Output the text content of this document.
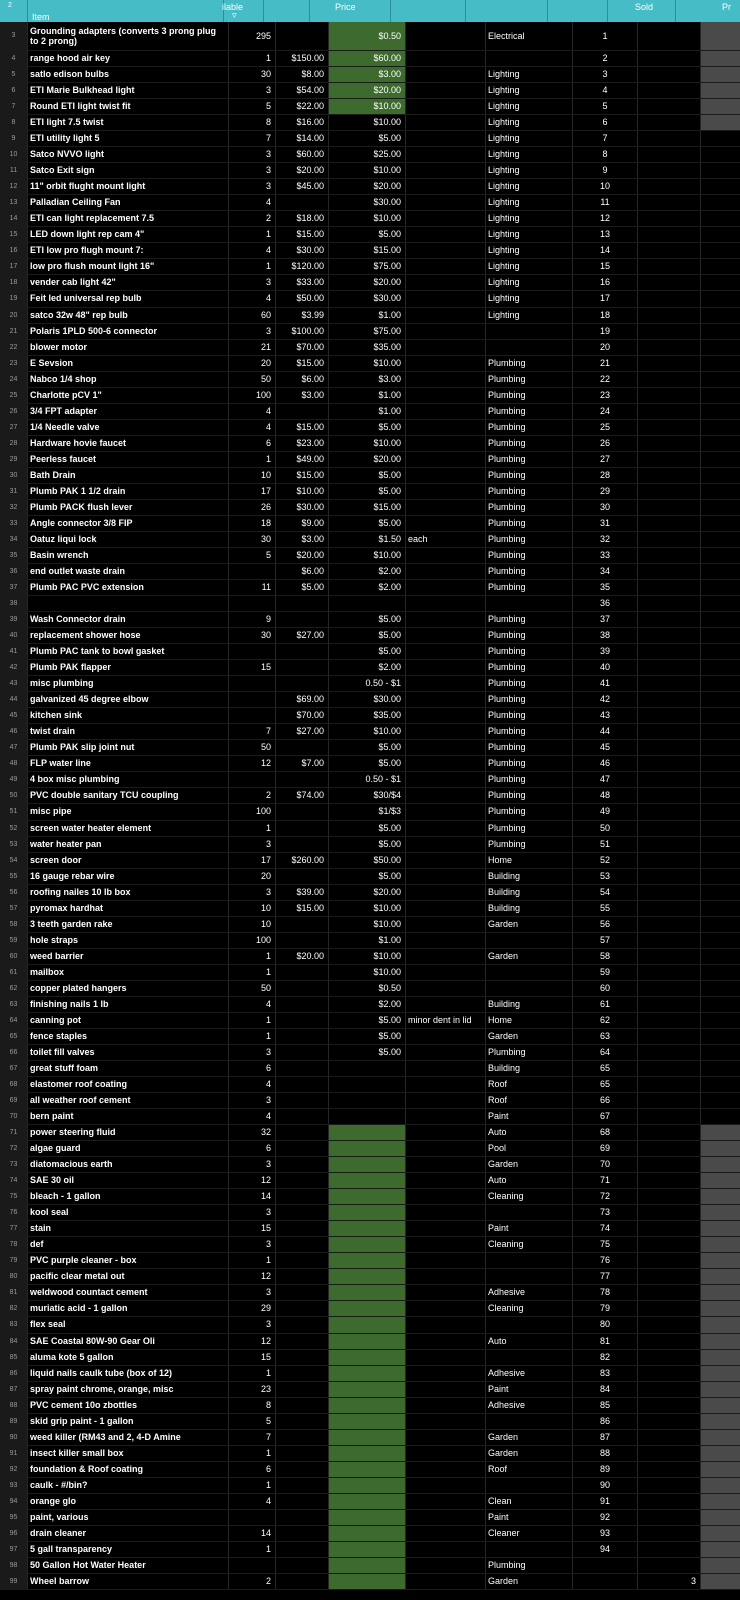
2	ilable	Price	Sold	Pr
Item	▿
3	Grounding adapters (converts 3 prong plug to 2 prong)	295		$0.50		Electrical	1		
4	range hood air key	1	$150.00	$60.00			2		
5	satlo edison bulbs	30	$8.00	$3.00		Lighting	3		
6	ETI Marie Bulkhead light	3	$54.00	$20.00		Lighting	4		
7	Round ETI light twist fit	5	$22.00	$10.00		Lighting	5		
8	ETI light 7.5 twist	8	$16.00	$10.00		Lighting	6		
9	ETI utility light 5	7	$14.00	$5.00		Lighting	7		
10	Satco NVVO light	3	$60.00	$25.00		Lighting	8		
11	Satco Exit sign	3	$20.00	$10.00		Lighting	9		
12	11" orbit flught mount light	3	$45.00	$20.00		Lighting	10		
13	Palladian Ceiling Fan	4		$30.00		Lighting	11		
14	ETI can light replacement 7.5	2	$18.00	$10.00		Lighting	12		
15	LED down light rep cam 4"	1	$15.00	$5.00		Lighting	13		
16	ETI low pro flugh mount 7:	4	$30.00	$15.00		Lighting	14		
17	low pro flush mount light 16"	1	$120.00	$75.00		Lighting	15		
18	vender cab light 42"	3	$33.00	$20.00		Lighting	16		
19	Feit led universal rep bulb	4	$50.00	$30.00		Lighting	17		
20	satco 32w 48" rep bulb	60	$3.99	$1.00		Lighting	18		
21	Polaris 1PLD 500-6 connector	3	$100.00	$75.00			19		
22	blower motor	21	$70.00	$35.00			20		
23	E Sevsion	20	$15.00	$10.00		Plumbing	21		
24	Nabco 1/4 shop	50	$6.00	$3.00		Plumbing	22		
25	Charlotte pCV 1"	100	$3.00	$1.00		Plumbing	23		
26	3/4 FPT adapter	4		$1.00		Plumbing	24		
27	1/4 Needle valve	4	$15.00	$5.00		Plumbing	25		
28	Hardware hovie faucet	6	$23.00	$10.00		Plumbing	26		
29	Peerless faucet	1	$49.00	$20.00		Plumbing	27		
30	Bath Drain	10	$15.00	$5.00		Plumbing	28		
31	Plumb PAK 1 1/2 drain	17	$10.00	$5.00		Plumbing	29		
32	Plumb PACK flush lever	26	$30.00	$15.00		Plumbing	30		
33	Angle connector 3/8 FIP	18	$9.00	$5.00		Plumbing	31		
34	Oatuz liqui lock	30	$3.00	$1.50	each	Plumbing	32		
35	Basin wrench	5	$20.00	$10.00		Plumbing	33		
36	end outlet waste drain		$6.00	$2.00		Plumbing	34		
37	Plumb PAC PVC extension	11	$5.00	$2.00		Plumbing	35		
38							36		
39	Wash Connector drain	9		$5.00		Plumbing	37		
40	replacement shower hose	30	$27.00	$5.00		Plumbing	38		
41	Plumb PAC tank to bowl gasket			$5.00		Plumbing	39		
42	Plumb PAK flapper	15		$2.00		Plumbing	40		
43	misc plumbing			0.50 - $1		Plumbing	41		
44	galvanized 45 degree elbow		$69.00	$30.00		Plumbing	42		
45	kitchen sink		$70.00	$35.00		Plumbing	43		
46	twist drain	7	$27.00	$10.00		Plumbing	44		
47	Plumb PAK slip joint nut	50		$5.00		Plumbing	45		
48	FLP water line	12	$7.00	$5.00		Plumbing	46		
49	4 box misc plumbing			0.50 - $1		Plumbing	47		
50	PVC double sanitary TCU coupling	2	$74.00	$30/$4		Plumbing	48		
51	misc pipe	100		$1/$3		Plumbing	49		
52	screen water heater element	1		$5.00		Plumbing	50		
53	water heater pan	3		$5.00		Plumbing	51		
54	screen door	17	$260.00	$50.00		Home	52		
55	16 gauge rebar wire	20		$5.00		Building	53		
56	roofing nailes 10 lb box	3	$39.00	$20.00		Building	54		
57	pyromax hardhat	10	$15.00	$10.00		Building	55		
58	3 teeth garden rake	10		$10.00		Garden	56		
59	hole straps	100		$1.00			57		
60	weed barrier	1	$20.00	$10.00		Garden	58		
61	mailbox	1		$10.00			59		
62	copper plated hangers	50		$0.50			60		
63	finishing nails 1 lb	4		$2.00		Building	61		
64	canning pot	1		$5.00	minor dent in lid	Home	62		
65	fence staples	1		$5.00		Garden	63		
66	toilet fill valves	3		$5.00		Plumbing	64		
67	great stuff foam	6				Building	65		
68	elastomer roof coating	4				Roof	65		
69	all weather roof cement	3				Roof	66		
70	bern paint	4				Paint	67		
71	power steering fluid	32				Auto	68		
72	algae guard	6				Pool	69		
73	diatomacious earth	3				Garden	70		
74	SAE 30 oil	12				Auto	71		
75	bleach - 1 gallon	14				Cleaning	72		
76	kool seal	3					73		
77	stain	15				Paint	74		
78	def	3				Cleaning	75		
79	PVC purple cleaner - box	1					76		
80	pacific clear metal out	12					77		
81	weldwood countact cement	3				Adhesive	78		
82	muriatic acid - 1 gallon	29				Cleaning	79		
83	flex seal	3					80		
84	SAE Coastal 80W-90 Gear Oli	12				Auto	81		
85	aluma kote 5 gallon	15					82		
86	liquid nails caulk tube (box of 12)	1				Adhesive	83		
87	spray paint chrome, orange, misc	23				Paint	84		
88	PVC cement 10o zbottles	8				Adhesive	85		
89	skid grip paint - 1 gallon	5					86		
90	weed killer (RM43 and 2, 4-D Amine	7				Garden	87		
91	insect killer small box	1				Garden	88		
92	foundation & Roof coating	6				Roof	89		
93	caulk - #/bin?	1					90		
94	orange glo	4				Clean	91		
95	paint, various					Paint	92		
96	drain cleaner	14				Cleaner	93		
97	5 gall transparency	1					94		
98	50 Gallon Hot Water Heater					Plumbing			
99	Wheel barrow	2				Garden		3	
